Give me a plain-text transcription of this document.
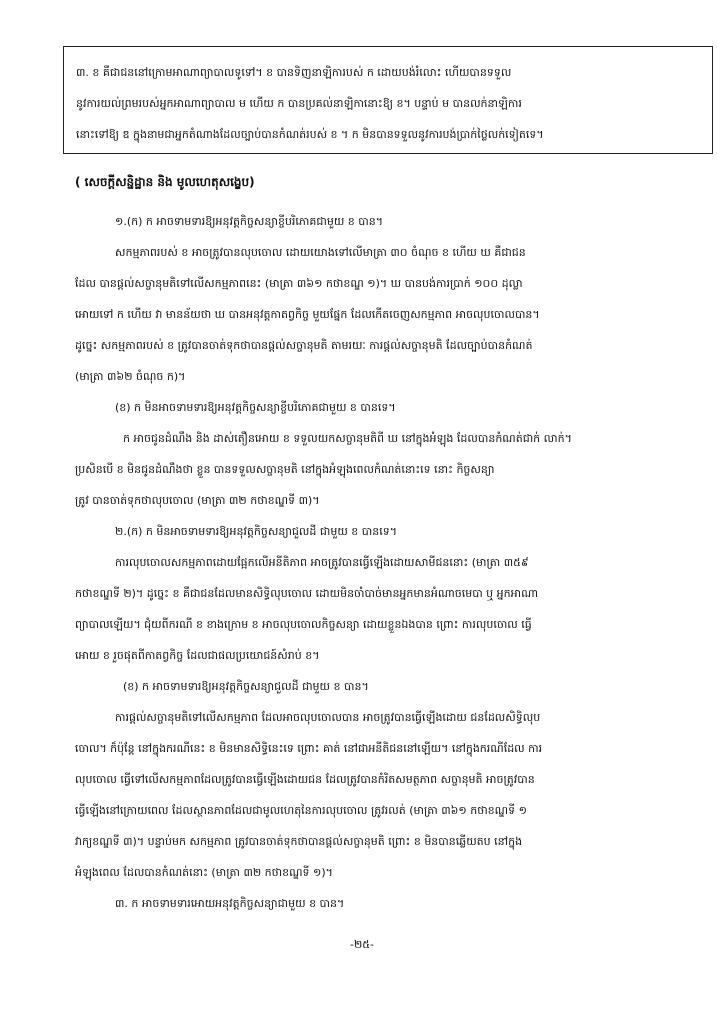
៣. ខ គឺជាជននៅក្រោមអាណាព្យាបាលទូទៅ។ ខ បានទិញនាឡិការបស់ ក ដោយបង់រំលោះ ហើយបានទទួល

នូវការយល់ព្រមរបស់អ្នកអាណាព្យាបាល ម ហើយ ក បានប្រគល់នាឡិកានោះឱ្យ ខ។ បន្ទាប់ ម បានលក់នាឡិការ

នោះទៅឱ្យ ឌ ក្នុងនាមជាអ្នកតំណាងដែលច្បាប់បានកំណត់របស់ ខ ។ ក មិនបានទទួលនូវការបង់ប្រាក់ថ្លៃលក់ទៀតទេ។

( សេចក្ដីសន្និដ្ឋាន និង មូលហេតុសង្ខេប)

១.(ក) ក អាចទាមទារឱ្យអនុវត្តកិច្ចសន្យាខ្ចីបរិភោគជាមួយ ខ បាន។

សកម្មភាពរបស់ ខ អាចត្រូវបានលុបចោល ដោយយោងទៅលើមាត្រា ៣០ ចំណុច ខ ហើយ ឃ គឺជាជន

ដែល បានផ្ដល់សច្ចានុមតិទៅលើសកម្មភាពនេះ (មាត្រា ៣៦១ កថាខណ្ឌ ១)។ ឃ បានបង់ការប្រាក់ ១០០ ដុល្លា

អោយទៅ ក ហើយ វា មានន័យថា ឃ បានអនុវត្តកាតព្វកិច្ច មួយផ្នែក ដែលកើតចេញសកម្មភាព អាចលុបចោលបាន។

ដូច្នេះ សកម្មភាពរបស់ ខ ត្រូវបានចាត់ទុកថាបានផ្ដល់សច្ចានុមតិ តាមរយៈ ការផ្ដល់សច្ចានុមតិ ដែលច្បាប់បានកំណត់

(មាត្រា ៣៦២ ចំណុច ក)។

(ខ) ក មិនអាចទាមទារឱ្យអនុវត្តកិច្ចសន្យាខ្ចីបរិភោគជាមួយ ខ បានទេ។

ក អាចជូនដំណឹង និង ដាស់តឿនអោយ ខ ទទួលយកសច្ចានុមតិពី ឃ នៅក្នុងអំឡុង ដែលបានកំណត់ជាក់ លាក់។

ប្រសិនបើ ខ មិនជូនដំណឹងថា ខ្លួន បានទទួលសច្ចានុមតិ នៅក្នុងអំឡុងពេលកំណត់នោះទេ នោះ កិច្ចសន្យា

ត្រូវ បានចាត់ទុកថាលុបចោល (មាត្រា ៣២ កថាខណ្ឌទី ៣)។

២.(ក) ក មិនអាចទាមទារឱ្យអនុវត្តកិច្ចសន្យាជួលដី ជាមួយ ខ បានទេ។

ការលុបចោលសកម្មភាពដោយផ្អែកលើអនីតិភាព អាចត្រូវបានធ្វើឡើងដោយសាមីជននោះ (មាត្រា ៣៥៩

កថាខណ្ឌទី ២)។ ដូច្នេះ ខ គឺជាជនដែលមានសិទ្ធិលុបចោល ដោយមិនចាំបាច់មានអ្នកមានអំណាចមេបា ឬ អ្នកអាណា

ព្យាបាលឡើយ។ ជុំយពីករណី ខ ខាងក្រោម ខ អាចលុបចោលកិច្ចសន្យា ដោយខ្លួនឯងបាន ព្រោះ ការលុបចោល ធ្វើ

អោយ ខ រួចផុតពីកាតព្វកិច្ច ដែលជាផលប្រយោជន៍សំរាប់ ខ។

(ខ) ក អាចទាមទារឱ្យអនុវត្តកិច្ចសន្យាជួលដី ជាមួយ ខ បាន។

ការផ្ដល់សច្ចានុមតិទៅលើសកម្មភាព ដែលអាចលុបចោលបាន អាចត្រូវបានធ្វើឡើងដោយ ជនដែលសិទ្ធិលុប

ចោល។ ក៏ប៉ុន្តែ នៅក្នុងករណីនេះ ខ មិនមានសិទ្ធិនេះទេ ព្រោះ គាត់ នៅជាអនីតិជននៅឡើយ។ នៅក្នុងករណីដែល ការ

លុបចោល ធ្វើទៅលើសកម្មភាពដែលត្រូវបានធ្វើឡើងដោយជន ដែលត្រូវបានកំរិតសមត្ថភាព សច្ចានុមតិ អាចត្រូវបាន

ធ្វើឡើងនៅក្រោយពេល ដែលស្ថានភាពដែលជាមូលហេតុនៃការលុបចោល ត្រូវរលត់ (មាត្រា ៣៦១ កថាខណ្ឌទី ១

វាក្យខណ្ឌទី ៣)។ បន្ទាប់មក សកម្មភាព ត្រូវបានចាត់ទុកថាបានផ្ដល់សច្ចានុមតិ ព្រោះ ខ មិនបានឆ្លើយតប នៅក្នុង

អំឡុងពេល ដែលបានកំណត់នោះ (មាត្រា ៣២ កថាខណ្ឌទី ១)។

៣. ក អាចទាមទារអោយអនុវត្តកិច្ចសន្យាជាមួយ ខ បាន។

-២៥-
